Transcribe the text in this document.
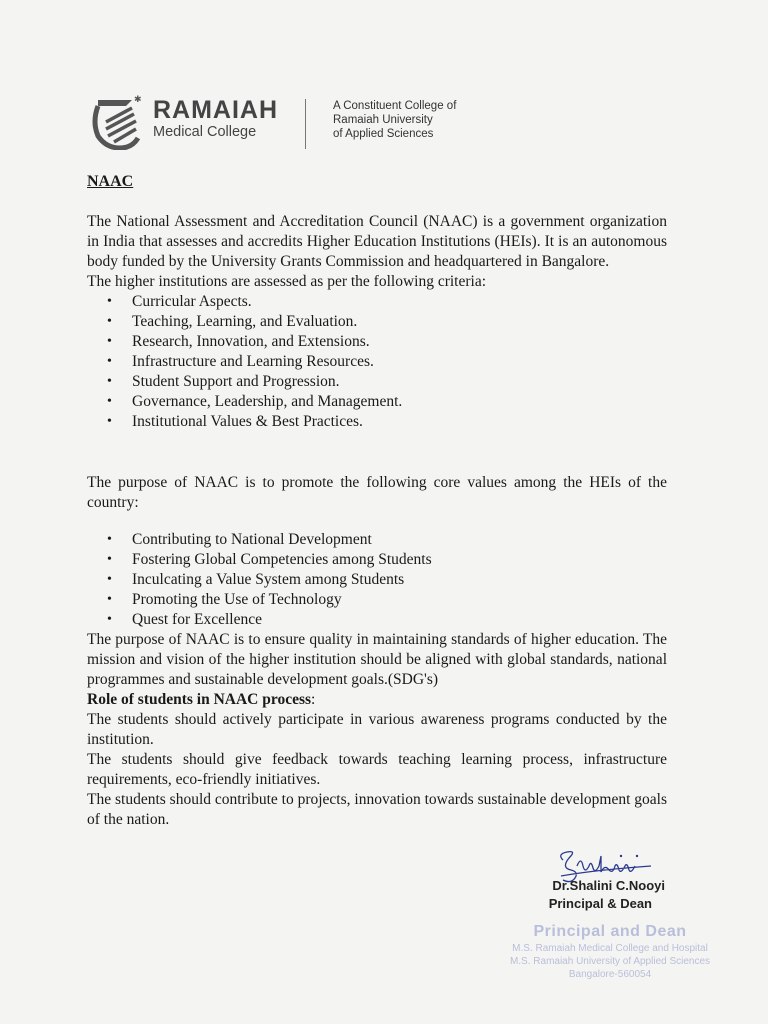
✱ RAMAIAH
Medical College
A Constituent College of
Ramaiah University
of Applied Sciences
NAAC

The National Assessment and Accreditation Council (NAAC) is a government organization in India that assesses and accredits Higher Education Institutions (HEIs). It is an autonomous body funded by the University Grants Commission and headquartered in Bangalore.

The higher institutions are assessed as per the following criteria:

• Curricular Aspects.
• Teaching, Learning, and Evaluation.
• Research, Innovation, and Extensions.
• Infrastructure and Learning Resources.
• Student Support and Progression.
• Governance, Leadership, and Management.
• Institutional Values & Best Practices.

The purpose of NAAC is to promote the following core values among the HEIs of the country:

• Contributing to National Development
• Fostering Global Competencies among Students
• Inculcating a Value System among Students
• Promoting the Use of Technology
• Quest for Excellence

The purpose of NAAC is to ensure quality in maintaining standards of higher education. The mission and vision of the higher institution should be aligned with global standards, national programmes and sustainable development goals.(SDG's)

Role of students in NAAC process:

The students should actively participate in various awareness programs conducted by the institution.

The students should give feedback towards teaching learning process, infrastructure requirements, eco-friendly initiatives.

The students should contribute to projects, innovation towards sustainable development goals of the nation.

Dr.Shalini C.Nooyi
Principal & Dean
Principal and Dean
M.S. Ramaiah Medical College and Hospital
M.S. Ramaiah University of Applied Sciences
Bangalore-560054
